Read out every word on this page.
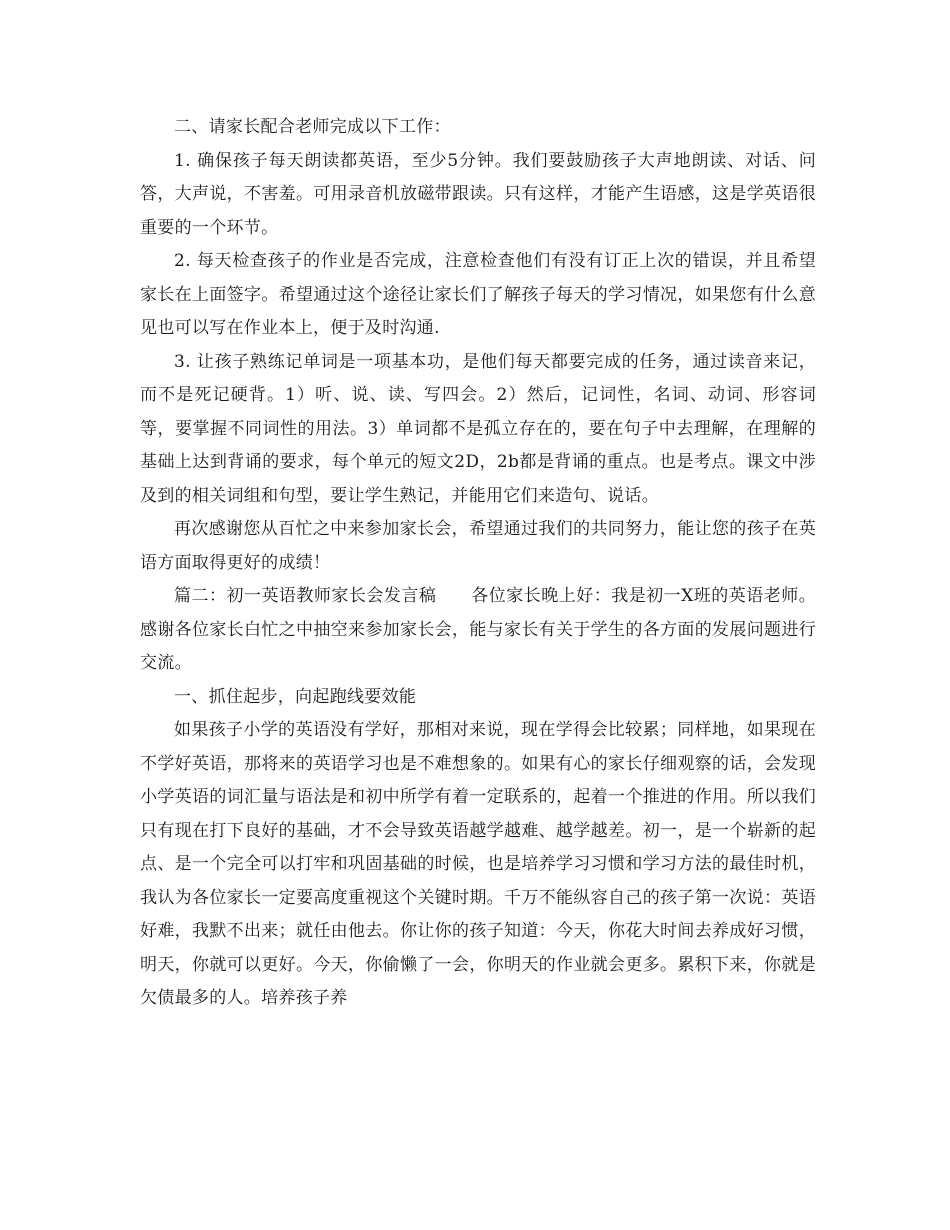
二、请家长配合老师完成以下工作：

1. 确保孩子每天朗读都英语，至少5分钟。我们要鼓励孩子大声地朗读、对话、问答，大声说，不害羞。可用录音机放磁带跟读。只有这样，才能产生语感，这是学英语很重要的一个环节。

2. 每天检查孩子的作业是否完成，注意检查他们有没有订正上次的错误，并且希望家长在上面签字。希望通过这个途径让家长们了解孩子每天的学习情况，如果您有什么意见也可以写在作业本上，便于及时沟通.

3. 让孩子熟练记单词是一项基本功，是他们每天都要完成的任务，通过读音来记，而不是死记硬背。1）听、说、读、写四会。2）然后，记词性，名词、动词、形容词等，要掌握不同词性的用法。3）单词都不是孤立存在的，要在句子中去理解，在理解的基础上达到背诵的要求，每个单元的短文2D，2b都是背诵的重点。也是考点。课文中涉及到的相关词组和句型，要让学生熟记，并能用它们来造句、说话。

再次感谢您从百忙之中来参加家长会，希望通过我们的共同努力，能让您的孩子在英语方面取得更好的成绩！

篇二：初一英语教师家长会发言稿　　各位家长晚上好：我是初一X班的英语老师。感谢各位家长白忙之中抽空来参加家长会，能与家长有关于学生的各方面的发展问题进行交流。

一、抓住起步，向起跑线要效能

如果孩子小学的英语没有学好，那相对来说，现在学得会比较累；同样地，如果现在不学好英语，那将来的英语学习也是不难想象的。如果有心的家长仔细观察的话，会发现小学英语的词汇量与语法是和初中所学有着一定联系的，起着一个推进的作用。所以我们只有现在打下良好的基础，才不会导致英语越学越难、越学越差。初一，是一个崭新的起点、是一个完全可以打牢和巩固基础的时候，也是培养学习习惯和学习方法的最佳时机，我认为各位家长一定要高度重视这个关键时期。千万不能纵容自己的孩子第一次说：英语好难，我默不出来；就任由他去。你让你的孩子知道：今天，你花大时间去养成好习惯，明天，你就可以更好。今天，你偷懒了一会，你明天的作业就会更多。累积下来，你就是欠债最多的人。培养孩子养
